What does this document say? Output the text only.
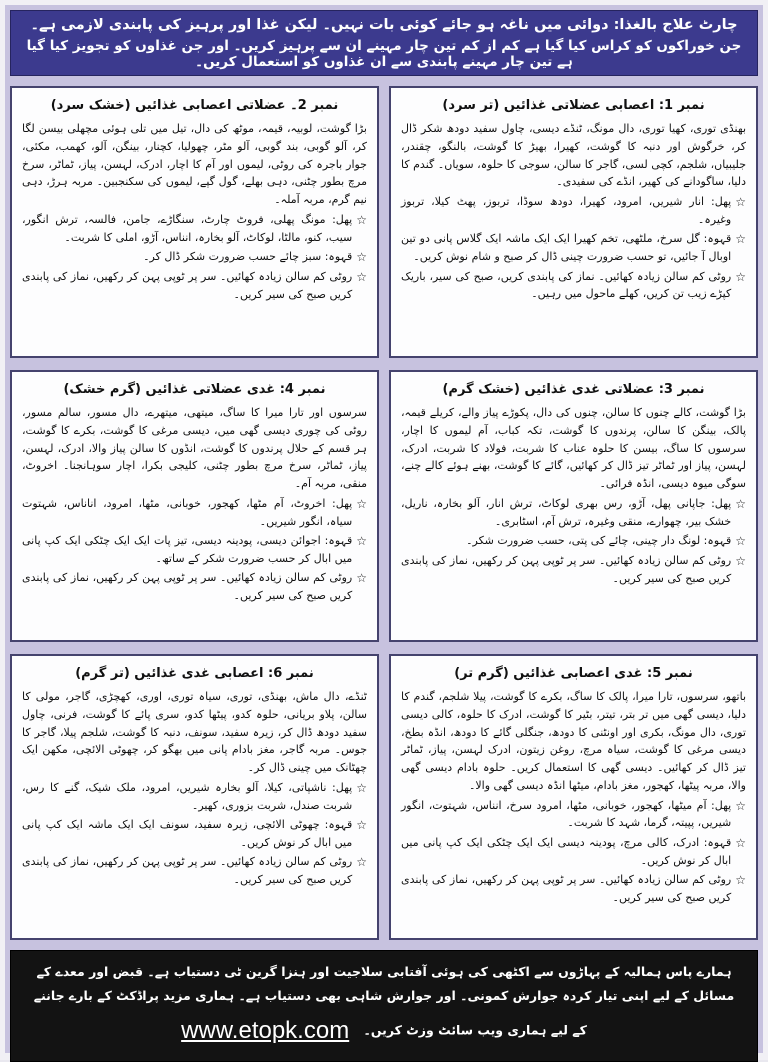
چارٹ علاج بالغذا: دوائی میں ناغہ ہو جائے کوئی بات نہیں۔ لیکن غذا اور پرہیز کی پابندی لازمی ہے۔
جن خوراکوں کو کراس کیا گیا ہے کم از کم تین چار مہینے ان سے پرہیز کریں۔ اور جن غذاوں کو تجویز کیا گیا ہے تین چار مہینے پابندی سے ان غذاوں کو استعمال کریں۔
نمبر 1: اعصابی عضلاتی غذائیں (تر سرد)

بھنڈی توری، کھیا توری، دال مونگ، ٹنڈے دیسی، چاول سفید دودھ شکر ڈال کر، خرگوش اور دنبہ کا گوشت، کھیرا، بھیڑ کا گوشت، بالنگو، چقندر، جلیبیاں، شلجم، کچی لسی، گاجر کا سالن، سوجی کا حلوہ، سویاں۔ گندم کا دلیا، ساگودانے کی کھیر، انڈے کی سفیدی۔

☆
پھل: انار شیریں، امرود، کھیرا، دودھ سوڈا، تربوز، پھٹ کیلا، تربوز وغیرہ۔
☆
قہوہ: گل سرخ، ملٹھی، تخم کھیرا ایک ایک ماشہ ایک گلاس پانی دو تین اوبال آ جائیں، تو حسب ضرورت چینی ڈال کر صبح و شام نوش کریں۔
☆
روٹی کم سالن زیادہ کھائیں۔ نماز کی پابندی کریں، صبح کی سیر، باریک کپڑے زیب تن کریں، کھلے ماحول میں رہیں۔
نمبر 2۔ عضلاتی اعصابی غذائیں (خشک سرد)

بڑا گوشت، لوبیہ، قیمہ، موٹھ کی دال، تیل میں تلی ہوئی مچھلی بیسن لگا کر، آلو گوبی، بند گوبی، آلو مٹر، چھولیا، کچنار، بینگن، آلو، کھمب، مکئی، جوار باجرہ کی روٹی، لیموں اور آم کا اچار، ادرک، لہسن، پیاز، ٹماٹر، سرخ مرچ بطور چٹنی، دہی بھلے، گول گپے، لیموں کی سکنجبین۔ مربہ ہرڑ، دہی نیم گرم، مربہ آملہ۔

☆
پھل: مونگ پھلی، فروٹ چارٹ، سنگاڑے، جامن، فالسہ، ترش انگور، سیب، کنو، مالٹا، لوکاٹ، آلو بخارہ، انناس، آڑو، املی کا شربت۔
☆
قہوہ: سبز چائے حسب ضرورت شکر ڈال کر۔
☆
روٹی کم سالن زیادہ کھائیں۔ سر پر ٹوپی پہن کر رکھیں، نماز کی پابندی کریں صبح کی سیر کریں۔
نمبر 3: عضلاتی غدی غذائیں (خشک گرم)

بڑا گوشت، کالے چنوں کا سالن، چنوں کی دال، پکوڑے پیاز والے، کریلے قیمہ، پالک، بینگن کا سالن، پرندوں کا گوشت، تکہ کباب، آم لیموں کا اچار، سرسوں کا ساگ، بیسن کا حلوہ عناب کا شربت، فولاد کا شربت، ادرک، لہسن، پیاز اور ٹماٹر تیز ڈال کر کھائیں، گائے کا گوشت، بھنے ہوئے کالے چنے، سوگی میوہ دیسی، انڈہ فرائی۔

☆
پھل: جاپانی پھل، آڑو، رس بھری لوکاٹ، ترش انار، آلو بخارہ، ناریل، خشک بیر، چھوارے، منقی وغیرہ، ترش آم، اسٹابری۔
☆
قہوہ: لونگ دار چینی، چائے کی پتی، حسب ضرورت شکر۔
☆
روٹی کم سالن زیادہ کھائیں۔ سر پر ٹوپی پہن کر رکھیں، نماز کی پابندی کریں صبح کی سیر کریں۔
نمبر 4: غدی عضلاتی غذائیں (گرم خشک)

سرسوں اور تارا میرا کا ساگ، میتھی، میتھرے، دال مسور، سالم مسور، روٹی کی چوری دیسی گھی میں، دیسی مرغی کا گوشت، بکرے کا گوشت، ہر قسم کے حلال پرندوں کا گوشت، انڈوں کا سالن پیاز والا، ادرک، لہسن، پیاز، ٹماٹر، سرخ مرچ بطور چٹنی، کلیجی بکرا، اچار سوہانجنا۔ اخروٹ، منقی، مربہ آم۔

☆
پھل: اخروٹ، آم مٹھا، کھجور، خوبانی، مٹھا، امرود، اناناس، شہتوت سیاہ، انگور شیریں۔
☆
قہوہ: اجوائن دیسی، پودینہ دیسی، تیز پات ایک ایک چٹکی ایک کپ پانی میں ابال کر حسب ضرورت شکر کے ساتھ۔
☆
روٹی کم سالن زیادہ کھائیں۔ سر پر ٹوپی پہن کر رکھیں، نماز کی پابندی کریں صبح کی سیر کریں۔
نمبر 5: غدی اعصابی غذائیں (گرم تر)

باتھو، سرسوں، تارا میرا، پالک کا ساگ، بکرے کا گوشت، پیلا شلجم، گندم کا دلیا، دیسی گھی میں تر بتر، تیتر، بٹیر کا گوشت، ادرک کا حلوہ، کالی دیسی توری، دال مونگ، بکری اور اونٹنی کا دودھ، جنگلی گائے کا دودھ، انڈہ بطخ، دیسی مرغی کا گوشت، سیاہ مرچ، روغن زیتون، ادرک لہسن، پیاز، ٹماٹر تیز ڈال کر کھائیں۔ دیسی گھی کا استعمال کریں۔ حلوہ بادام دیسی گھی والا، مربہ پیٹھا، کھجور، مغز بادام، میٹھا انڈہ دیسی گھی والا۔

☆
پھل: آم میٹھا، کھجور، خوبانی، مٹھا، امرود سرخ، انناس، شہتوت، انگور شیریں، پپیتہ، گرما، شہد کا شربت۔
☆
قہوہ: ادرک، کالی مرچ، پودینہ دیسی ایک ایک چٹکی ایک کپ پانی میں ابال کر نوش کریں۔
☆
روٹی کم سالن زیادہ کھائیں۔ سر پر ٹوپی پہن کر رکھیں، نماز کی پابندی کریں صبح کی سیر کریں۔
نمبر 6: اعصابی غدی غذائیں (تر گرم)

ٹنڈے، دال ماش، بھنڈی، توری، سیاہ توری، اوری، کھچڑی، گاجر، مولی کا سالن، پلاو بریانی، حلوہ کدو، پیٹھا کدو، سری پائے کا گوشت، فرنی، چاول سفید دودھ ڈال کر، زیرہ سفید، سونف، دنبہ کا گوشت، شلجم پیلا، گاجر کا جوس۔ مربہ گاجر، مغز بادام پانی میں بھگو کر، چھوٹی الائچی، مکھن ایک چھٹانک میں چینی ڈال کر۔

☆
پھل: ناشپاتی، کیلا، آلو بخارہ شیریں، امرود، ملک شیک، گنے کا رس، شربت صندل، شربت بزوری، کھیر۔
☆
قہوہ: چھوٹی الائچی، زیرہ سفید، سونف ایک ایک ماشہ ایک کپ پانی میں ابال کر نوش کریں۔
☆
روٹی کم سالن زیادہ کھائیں۔ سر پر ٹوپی پہن کر رکھیں، نماز کی پابندی کریں صبح کی سیر کریں۔

ہمارے پاس ہمالیہ کے پہاڑوں سے اکٹھی کی ہوئی آفتابی سلاجیت اور ہنزا گرین ٹی دستیاب ہے۔ قبض اور معدے کے مسائل کے لیے اپنی تیار کردہ جوارش کمونی۔ اور جوارش شاہی بھی دستیاب ہے۔ ہماری مزید پراڈکٹ کے بارے جاننے کے لیے ہماری ویب سائٹ وزٹ کریں۔ www.etopk.com
